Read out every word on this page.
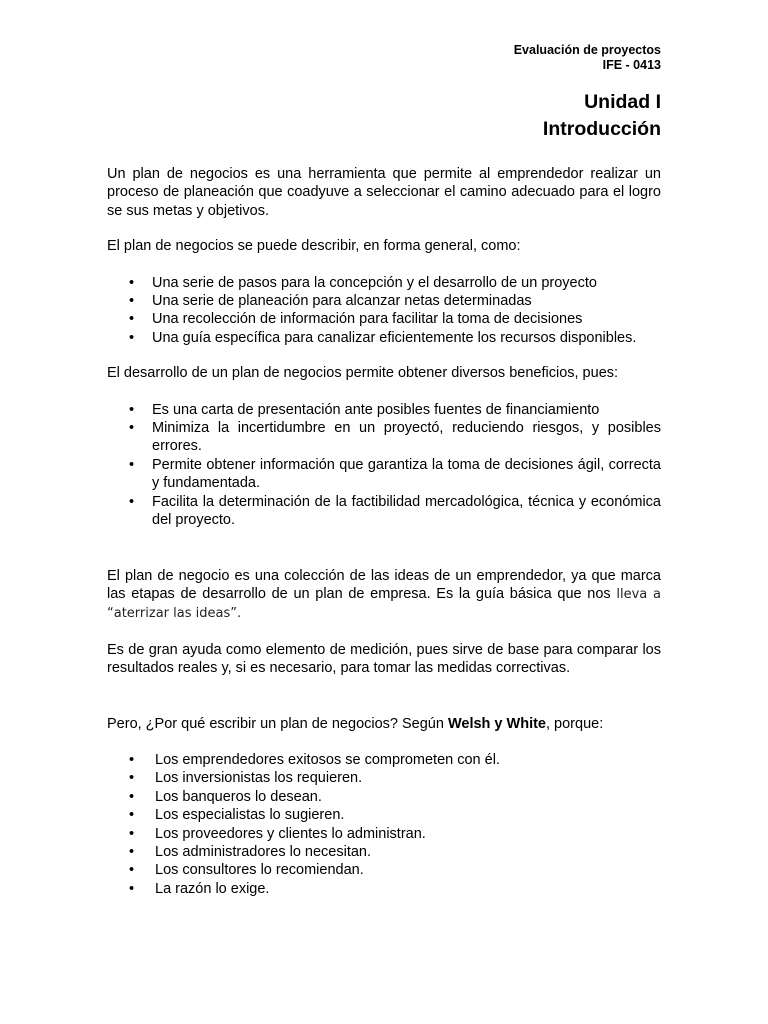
Evaluación de proyectos
IFE - 0413
Unidad I
Introducción

Un plan de negocios es una herramienta que permite al emprendedor realizar un proceso de planeación que coadyuve a seleccionar el camino adecuado para el logro se sus metas y objetivos.

El plan de negocios se puede describir, en forma general, como:

• Una serie de pasos para la concepción y el desarrollo de un proyecto
• Una serie de planeación para alcanzar netas determinadas
• Una recolección de información para facilitar la toma de decisiones
• Una guía específica para canalizar eficientemente los recursos disponibles.

El desarrollo de un plan de negocios permite obtener diversos beneficios, pues:

• Es una carta de presentación ante posibles fuentes de financiamiento
• Minimiza la incertidumbre en un proyectó, reduciendo riesgos, y posibles errores.
• Permite obtener información que garantiza la toma de decisiones ágil, correcta y fundamentada.
• Facilita la determinación de la factibilidad mercadológica, técnica y económica del proyecto.

El plan de negocio es una colección de las ideas de un emprendedor, ya que marca las etapas de desarrollo de un plan de empresa. Es la guía básica que nos lleva a “aterrizar las ideas”.

Es de gran ayuda como elemento de medición, pues sirve de base para comparar los resultados reales y, si es necesario, para tomar las medidas correctivas.

Pero, ¿Por qué escribir un plan de negocios? Según Welsh y White, porque:

• Los emprendedores exitosos se comprometen con él.
• Los inversionistas los requieren.
• Los banqueros lo desean.
• Los especialistas lo sugieren.
• Los proveedores y clientes lo administran.
• Los administradores lo necesitan.
• Los consultores lo recomiendan.
• La razón lo exige.
